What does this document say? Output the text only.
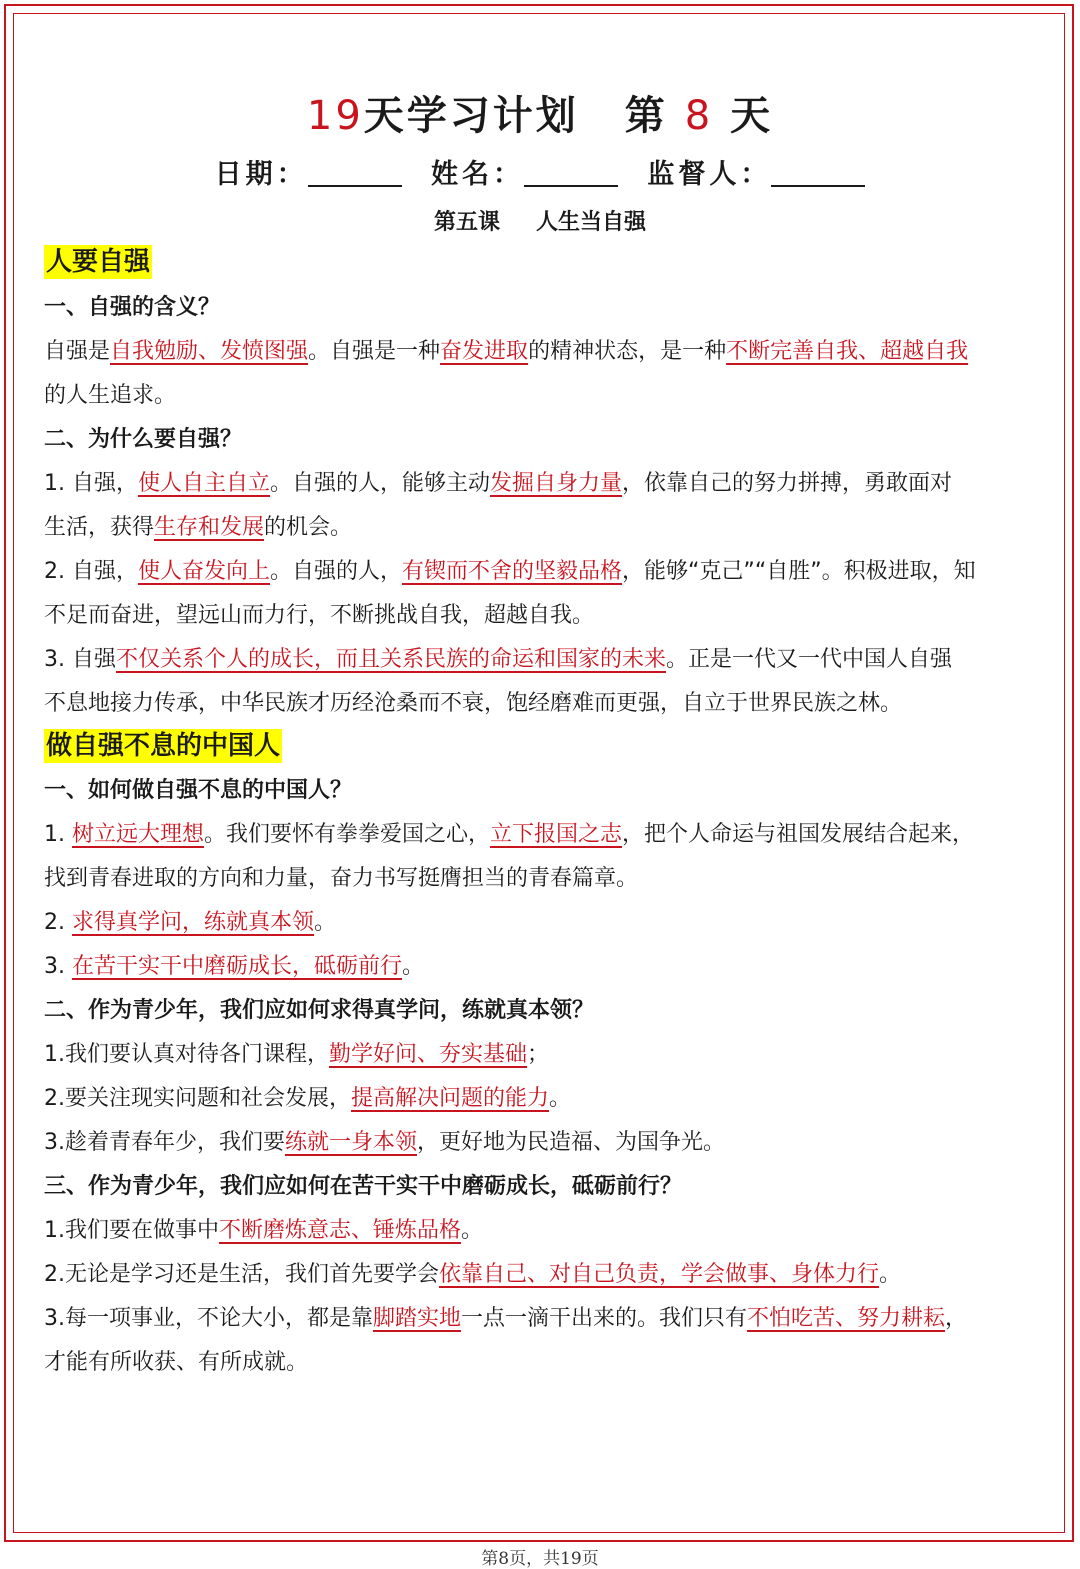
19天学习计划 第 8 天
日期：	姓名：	监督人：
第五课 人生当自强
人要自强
一、自强的含义？
自强是自我勉励、发愤图强。自强是一种奋发进取的精神状态，是一种不断完善自我、超越自我
的人生追求。
二、为什么要自强？
1. 自强，使人自主自立。自强的人，能够主动发掘自身力量，依靠自己的努力拼搏，勇敢面对
生活，获得生存和发展的机会。
2. 自强，使人奋发向上。自强的人，有锲而不舍的坚毅品格，能够“克己”“自胜”。积极进取，知
不足而奋进，望远山而力行，不断挑战自我，超越自我。
3. 自强不仅关系个人的成长，而且关系民族的命运和国家的未来。正是一代又一代中国人自强
不息地接力传承，中华民族才历经沧桑而不衰，饱经磨难而更强，自立于世界民族之林。
做自强不息的中国人
一、如何做自强不息的中国人？
1. 树立远大理想。我们要怀有拳拳爱国之心，立下报国之志，把个人命运与祖国发展结合起来，
找到青春进取的方向和力量，奋力书写挺膺担当的青春篇章。
2. 求得真学问，练就真本领。
3. 在苦干实干中磨砺成长，砥砺前行。
二、作为青少年，我们应如何求得真学问，练就真本领？
1.我们要认真对待各门课程，勤学好问、夯实基础；
2.要关注现实问题和社会发展，提高解决问题的能力。
3.趁着青春年少，我们要练就一身本领，更好地为民造福、为国争光。
三、作为青少年，我们应如何在苦干实干中磨砺成长，砥砺前行？
1.我们要在做事中不断磨炼意志、锤炼品格。
2.无论是学习还是生活，我们首先要学会依靠自己、对自己负责，学会做事、身体力行。
3.每一项事业，不论大小，都是靠脚踏实地一点一滴干出来的。我们只有不怕吃苦、努力耕耘，
才能有所收获、有所成就。
第8页，共19页
